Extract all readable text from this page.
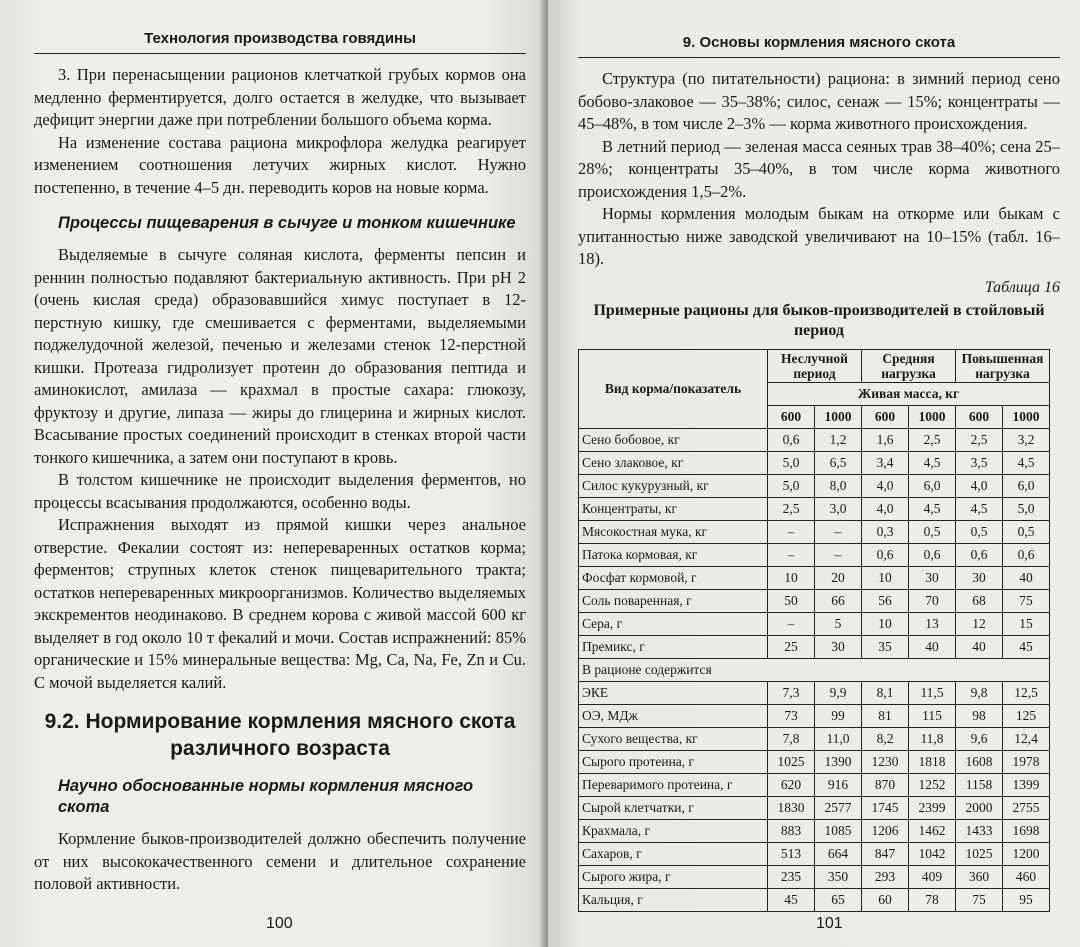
Технология производства говядины

3. При перенасыщении рационов клетчаткой грубых кормов она медленно ферментируется, долго остается в желудке, что вызывает дефицит энергии даже при потреблении большого объема корма.

На изменение состава рациона микрофлора желудка реагирует изменением соотношения летучих жирных кислот. Нужно постепенно, в течение 4–5 дн. переводить коров на новые корма.

Процессы пищеварения в сычуге и тонком кишечнике

Выделяемые в сычуге соляная кислота, ферменты пепсин и реннин полностью подавляют бактериальную активность. При pH 2 (очень кислая среда) образовавшийся химус поступает в 12-перстную кишку, где смешивается с ферментами, выделяемыми поджелудочной железой, печенью и железами стенок 12-перстной кишки. Протеаза гидролизует протеин до образования пептида и аминокислот, амилаза — крахмал в простые сахара: глюкозу, фруктозу и другие, липаза — жиры до глицерина и жирных кислот. Всасывание простых соединений происходит в стенках второй части тонкого кишечника, а затем они поступают в кровь.

В толстом кишечнике не происходит выделения ферментов, но процессы всасывания продолжаются, особенно воды.

Испражнения выходят из прямой кишки через анальное отверстие. Фекалии состоят из: непереваренных остатков корма; ферментов; струпных клеток стенок пищеварительного тракта; остатков непереваренных микроорганизмов. Количество выделяемых экскрементов неодинаково. В среднем корова с живой массой 600 кг выделяет в год около 10 т фекалий и мочи. Состав испражнений: 85% органические и 15% минеральные вещества: Mg, Ca, Na, Fe, Zn и Cu. С мочой выделяется калий.

9.2. Нормирование кормления мясного скота различного возраста
Научно обоснованные нормы кормления мясного скота

Кормление быков-производителей должно обеспечить получение от них высококачественного семени и длительное сохранение половой активности.

100
9. Основы кормления мясного скота

Структура (по питательности) рациона: в зимний период сено бобово-злаковое — 35–38%; силос, сенаж — 15%; концентраты — 45–48%, в том числе 2–3% — корма животного происхождения.

В летний период — зеленая масса сеяных трав 38–40%; сена 25–28%; концентраты 35–40%, в том числе корма животного происхождения 1,5–2%.

Нормы кормления молодым быкам на откорме или быкам с упитанностью ниже заводской увеличивают на 10–15% (табл. 16–18).

Таблица 16
Примерные рационы для быков-производителей в стойловый период
Вид корма/показатель	Неслучной период		Средняя нагрузка		Повышенная нагрузка	
	Живая масса, кг					
	600	1000	600	1000	600	1000
Сено бобовое, кг	0,6	1,2	1,6	2,5	2,5	3,2
Сено злаковое, кг	5,0	6,5	3,4	4,5	3,5	4,5
Силос кукурузный, кг	5,0	8,0	4,0	6,0	4,0	6,0
Концентраты, кг	2,5	3,0	4,0	4,5	4,5	5,0
Мясокостная мука, кг	–	–	0,3	0,5	0,5	0,5
Патока кормовая, кг	–	–	0,6	0,6	0,6	0,6
Фосфат кормовой, г	10	20	10	30	30	40
Соль поваренная, г	50	66	56	70	68	75
Сера, г	–	5	10	13	12	15
Премикс, г	25	30	35	40	40	45
В рационе содержится						
ЭКЕ	7,3	9,9	8,1	11,5	9,8	12,5
ОЭ, МДж	73	99	81	115	98	125
Сухого вещества, кг	7,8	11,0	8,2	11,8	9,6	12,4
Сырого протеина, г	1025	1390	1230	1818	1608	1978
Переваримого протеина, г	620	916	870	1252	1158	1399
Сырой клетчатки, г	1830	2577	1745	2399	2000	2755
Крахмала, г	883	1085	1206	1462	1433	1698
Сахаров, г	513	664	847	1042	1025	1200
Сырого жира, г	235	350	293	409	360	460
Кальция, г	45	65	60	78	75	95
101
